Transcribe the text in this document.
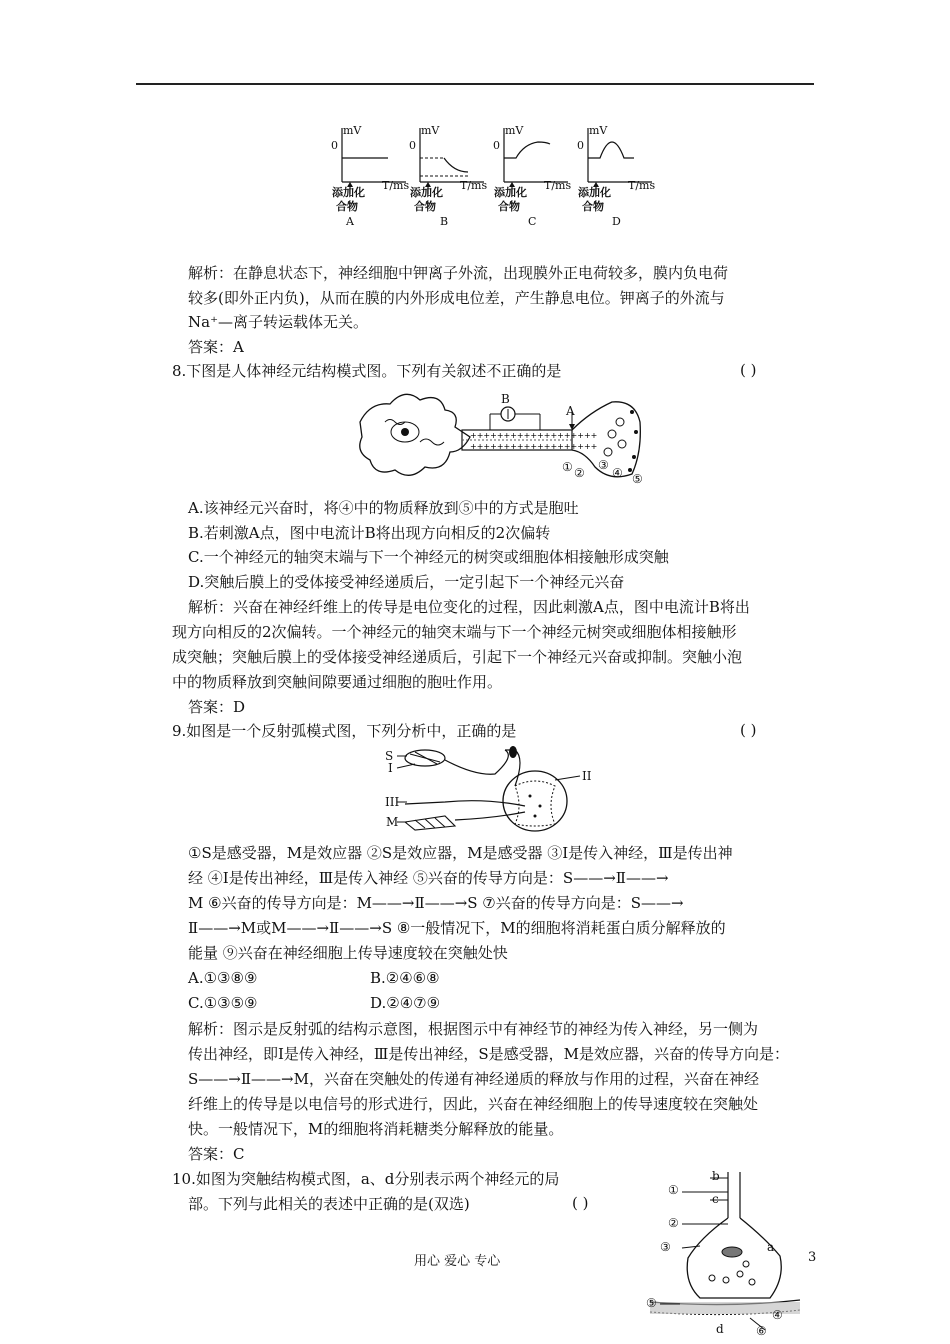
mV
0
T/ms
添加化
合物
A
mV
0
T/ms
添加化
合物
B
mV
0
T/ms
添加化
合物
C
mV
0
T/ms
添加化
合物
D
解析：在静息状态下，神经细胞中钾离子外流，出现膜外正电荷较多，膜内负电荷
较多(即外正内负)，从而在膜的内外形成电位差，产生静息电位。钾离子的外流与
Na⁺—离子转运载体无关。
答案：A
8.下图是人体神经元结构模式图。下列有关叙述不正确的是	( )
+++++++++++++++++++
+++++++++++++++++++
B
A
① ②
③
④ ⑤
A.该神经元兴奋时，将④中的物质释放到⑤中的方式是胞吐
B.若刺激A点，图中电流计B将出现方向相反的2次偏转
C.一个神经元的轴突末端与下一个神经元的树突或细胞体相接触形成突触
D.突触后膜上的受体接受神经递质后，一定引起下一个神经元兴奋
解析：兴奋在神经纤维上的传导是电位变化的过程，因此刺激A点，图中电流计B将出
现方向相反的2次偏转。一个神经元的轴突末端与下一个神经元树突或细胞体相接触形
成突触；突触后膜上的受体接受神经递质后，引起下一个神经元兴奋或抑制。突触小泡
中的物质释放到突触间隙要通过细胞的胞吐作用。
答案：D
9.如图是一个反射弧模式图，下列分析中，正确的是	( )
S
I
II
III
M
①S是感受器，M是效应器 ②S是效应器，M是感受器 ③Ⅰ是传入神经，Ⅲ是传出神
经 ④Ⅰ是传出神经，Ⅲ是传入神经 ⑤兴奋的传导方向是：S——→Ⅱ——→
M ⑥兴奋的传导方向是：M——→Ⅱ——→S ⑦兴奋的传导方向是：S——→
Ⅱ——→M或M——→Ⅱ——→S ⑧一般情况下，M的细胞将消耗蛋白质分解释放的
能量 ⑨兴奋在神经细胞上传导速度较在突触处快
A.①③⑧⑨	B.②④⑥⑧
C.①③⑤⑨	D.②④⑦⑨
解析：图示是反射弧的结构示意图，根据图示中有神经节的神经为传入神经，另一侧为
传出神经，即Ⅰ是传入神经，Ⅲ是传出神经，S是感受器，M是效应器，兴奋的传导方向是：
S——→Ⅱ——→M，兴奋在突触处的传递有神经递质的释放与作用的过程，兴奋在神经
纤维上的传导是以电信号的形式进行，因此，兴奋在神经细胞上的传导速度较在突触处
快。一般情况下，M的细胞将消耗糖类分解释放的能量。
答案：C
10.如图为突触结构模式图，a、d分别表示两个神经元的局
部。下列与此相关的表述中正确的是(双选)	( )
①
b
c
②
③	a
⑤
④
d	⑥
用心 爱心 专心	3
